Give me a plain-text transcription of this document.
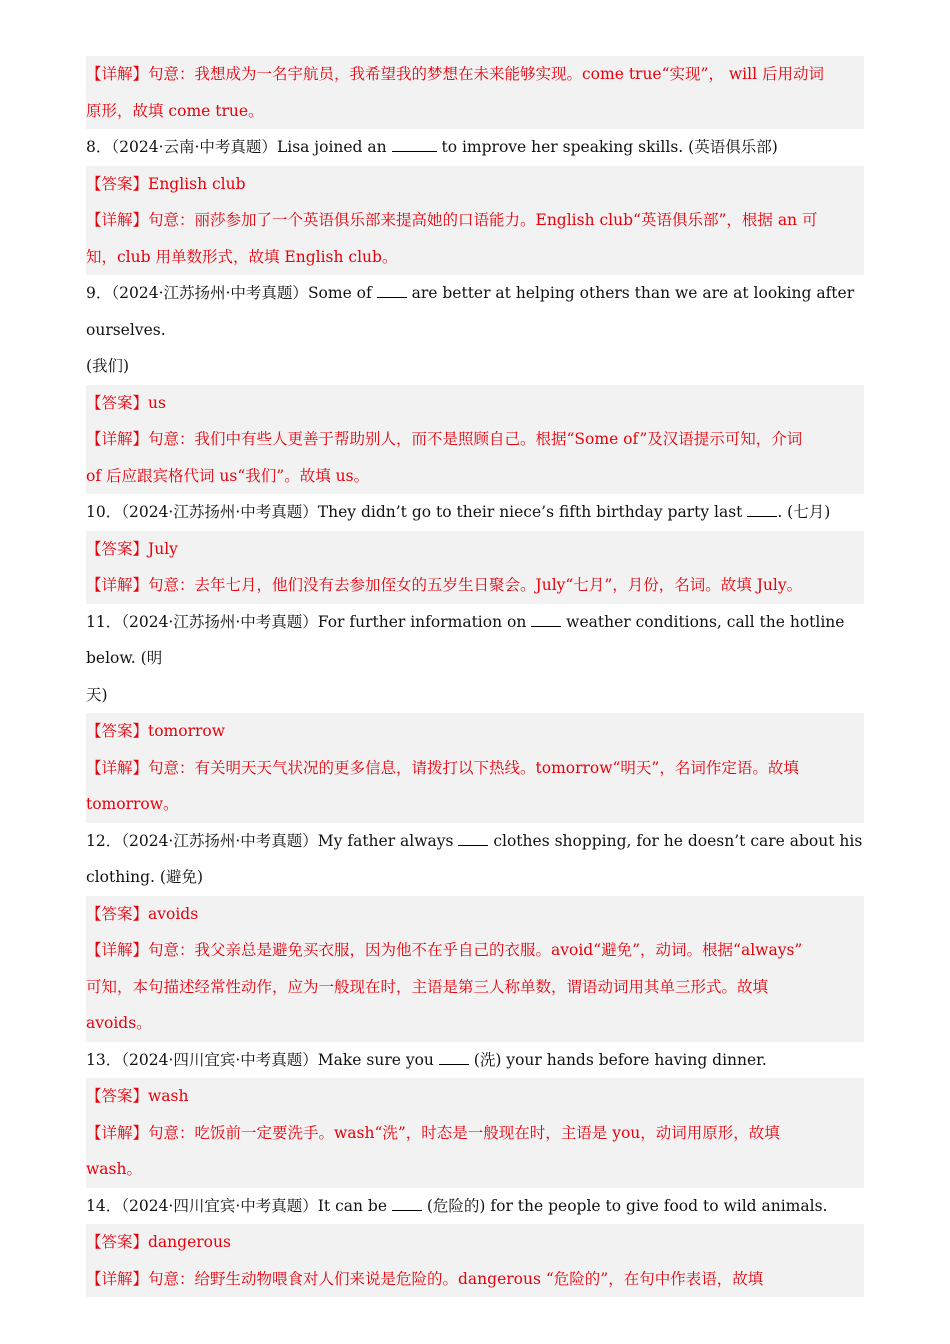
【详解】句意：我想成为一名宇航员，我希望我的梦想在未来能够实现。come true“实现”， will 后用动词

原形，故填 come true。

8．（2024·云南·中考真题）Lisa joined an	to improve her speaking skills. (英语俱乐部)

【答案】English club

【详解】句意：丽莎参加了一个英语俱乐部来提高她的口语能力。English club“英语俱乐部”，根据 an 可

知，club 用单数形式，故填 English club。

9．（2024·江苏扬州·中考真题）Some of  are better at helping others than we are at looking after ourselves.

(我们)

【答案】us

【详解】句意：我们中有些人更善于帮助别人，而不是照顾自己。根据“Some of”及汉语提示可知，介词

of 后应跟宾格代词 us“我们”。故填 us。

10．（2024·江苏扬州·中考真题）They didn’t go to their niece’s fifth birthday party last . (七月)

【答案】July

【详解】句意：去年七月，他们没有去参加侄女的五岁生日聚会。July“七月”，月份，名词。故填 July。

11．（2024·江苏扬州·中考真题）For further information on  weather conditions, call the hotline below. (明

天)

【答案】tomorrow

【详解】句意：有关明天天气状况的更多信息，请拨打以下热线。tomorrow“明天”，名词作定语。故填

tomorrow。

12．（2024·江苏扬州·中考真题）My father always  clothes shopping, for he doesn’t care about his

clothing. (避免)

【答案】avoids

【详解】句意：我父亲总是避免买衣服，因为他不在乎自己的衣服。avoid“避免”，动词。根据“always”

可知，本句描述经常性动作，应为一般现在时，主语是第三人称单数，谓语动词用其单三形式。故填

avoids。

13．（2024·四川宜宾·中考真题）Make sure you  (洗) your hands before having dinner.

【答案】wash

【详解】句意：吃饭前一定要洗手。wash“洗”，时态是一般现在时，主语是 you，动词用原形，故填

wash。

14．（2024·四川宜宾·中考真题）It can be  (危险的) for the people to give food to wild animals.

【答案】dangerous

【详解】句意：给野生动物喂食对人们来说是危险的。dangerous “危险的”，在句中作表语，故填
